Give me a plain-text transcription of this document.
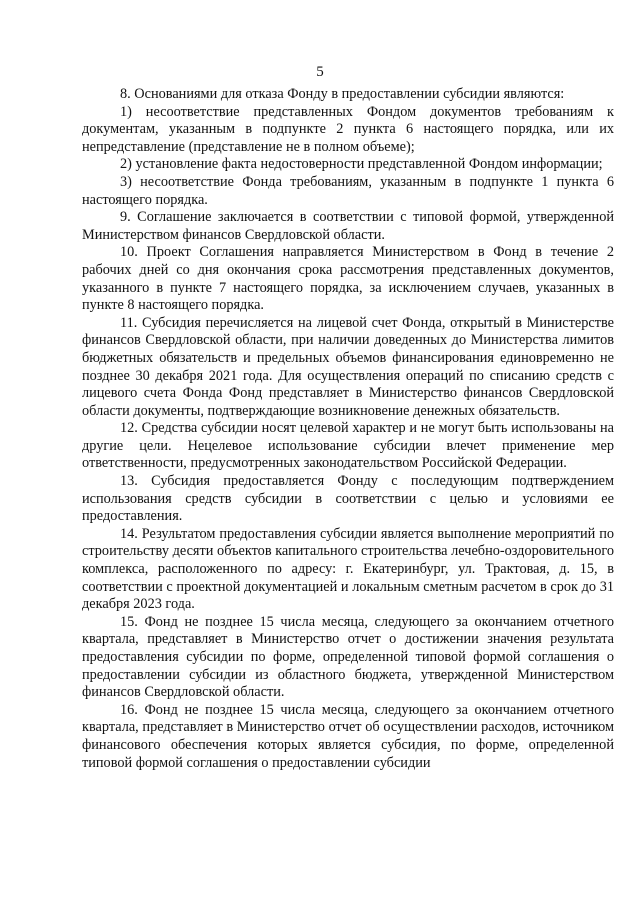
5

8. Основаниями для отказа Фонду в предоставлении субсидии являются:

1) несоответствие представленных Фондом документов требованиям к документам, указанным в подпункте 2 пункта 6 настоящего порядка, или их непредставление (представление не в полном объеме);

2) установление факта недостоверности представленной Фондом информации;

3) несоответствие Фонда требованиям, указанным в подпункте 1 пункта 6 настоящего порядка.

9. Соглашение заключается в соответствии с типовой формой, утвержденной Министерством финансов Свердловской области.

10. Проект Соглашения направляется Министерством в Фонд в течение 2 рабочих дней со дня окончания срока рассмотрения представленных документов, указанного в пункте 7 настоящего порядка, за исключением случаев, указанных в пункте 8 настоящего порядка.

11. Субсидия перечисляется на лицевой счет Фонда, открытый в Министерстве финансов Свердловской области, при наличии доведенных до Министерства лимитов бюджетных обязательств и предельных объемов финансирования единовременно не позднее 30 декабря 2021 года. Для осуществления операций по списанию средств с лицевого счета Фонда Фонд представляет в Министерство финансов Свердловской области документы, подтверждающие возникновение денежных обязательств.

12. Средства субсидии носят целевой характер и не могут быть использованы на другие цели. Нецелевое использование субсидии влечет применение мер ответственности, предусмотренных законодательством Российской Федерации.

13. Субсидия предоставляется Фонду с последующим подтверждением использования средств субсидии в соответствии с целью и условиями ее предоставления.

14. Результатом предоставления субсидии является выполнение мероприятий по строительству десяти объектов капитального строительства лечебно-оздоровительного комплекса, расположенного по адресу: г. Екатеринбург, ул. Трактовая, д. 15, в соответствии с проектной документацией и локальным сметным расчетом в срок до 31 декабря 2023 года.

15. Фонд не позднее 15 числа месяца, следующего за окончанием отчетного квартала, представляет в Министерство отчет о достижении значения результата предоставления субсидии по форме, определенной типовой формой соглашения о предоставлении субсидии из областного бюджета, утвержденной Министерством финансов Свердловской области.

16. Фонд не позднее 15 числа месяца, следующего за окончанием отчетного квартала, представляет в Министерство отчет об осуществлении расходов, источником финансового обеспечения которых является субсидия, по форме, определенной типовой формой соглашения о предоставлении субсидии
